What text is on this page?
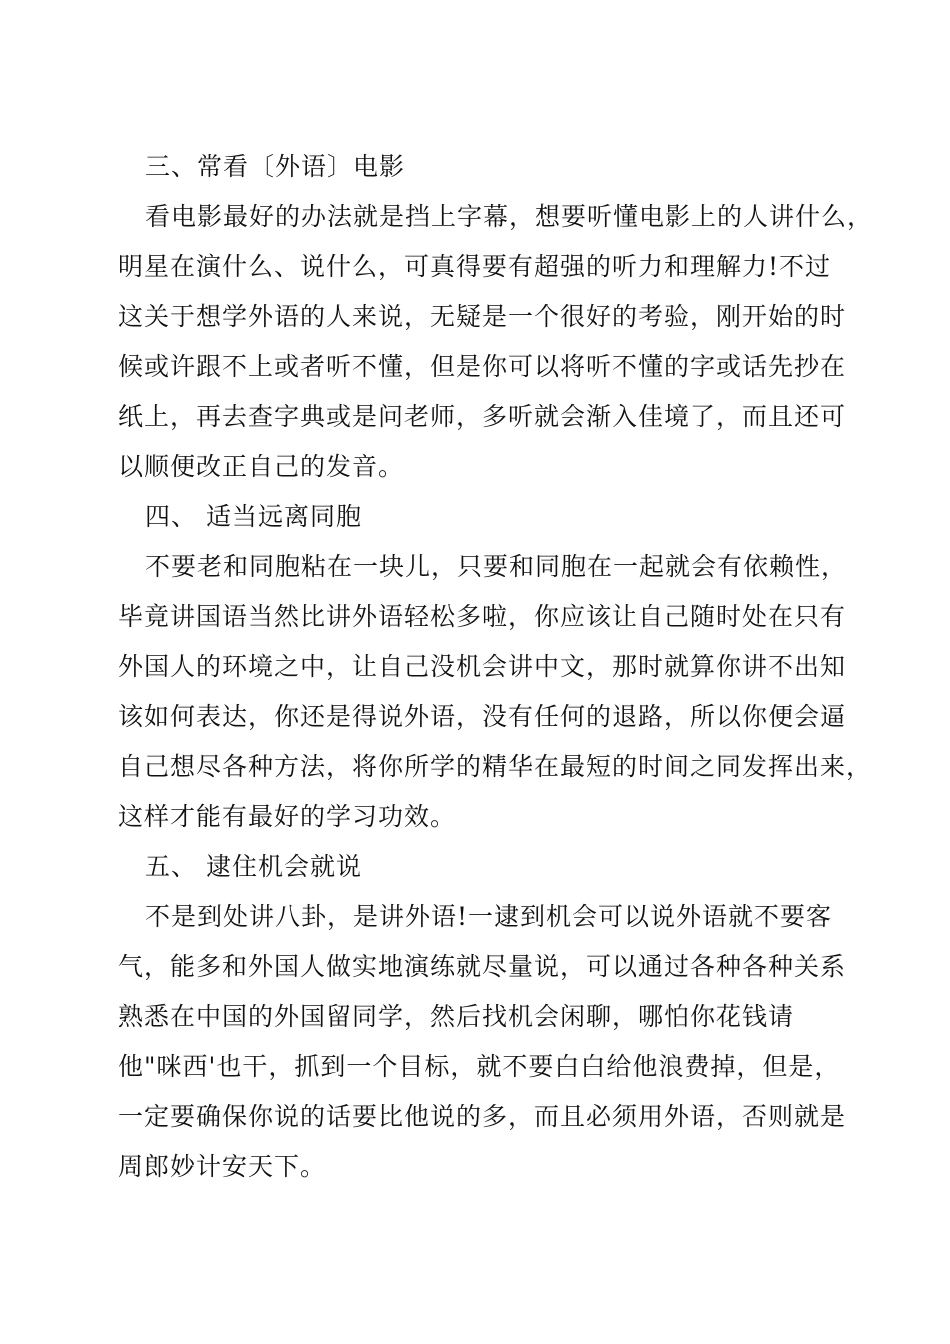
三、常看〔外语〕电影
看电影最好的办法就是挡上字幕，想要听懂电影上的人讲什么，
明星在演什么、说什么，可真得要有超强的听力和理解力!不过
这关于想学外语的人来说，无疑是一个很好的考验，刚开始的时
候或许跟不上或者听不懂，但是你可以将听不懂的字或话先抄在
纸上，再去查字典或是问老师，多听就会渐入佳境了，而且还可
以顺便改正自己的发音。
四、 适当远离同胞
不要老和同胞粘在一块儿，只要和同胞在一起就会有依赖性，
毕竟讲国语当然比讲外语轻松多啦，你应该让自己随时处在只有
外国人的环境之中，让自己没机会讲中文，那时就算你讲不出知
该如何表达，你还是得说外语，没有任何的退路，所以你便会逼
自己想尽各种方法，将你所学的精华在最短的时间之同发挥出来，
这样才能有最好的学习功效。
五、 逮住机会就说
不是到处讲八卦，是讲外语!一逮到机会可以说外语就不要客
气，能多和外国人做实地演练就尽量说，可以通过各种各种关系
熟悉在中国的外国留同学，然后找机会闲聊，哪怕你花钱请
他"咪西'也干，抓到一个目标，就不要白白给他浪费掉，但是，
一定要确保你说的话要比他说的多，而且必须用外语，否则就是
周郎妙计安天下。
